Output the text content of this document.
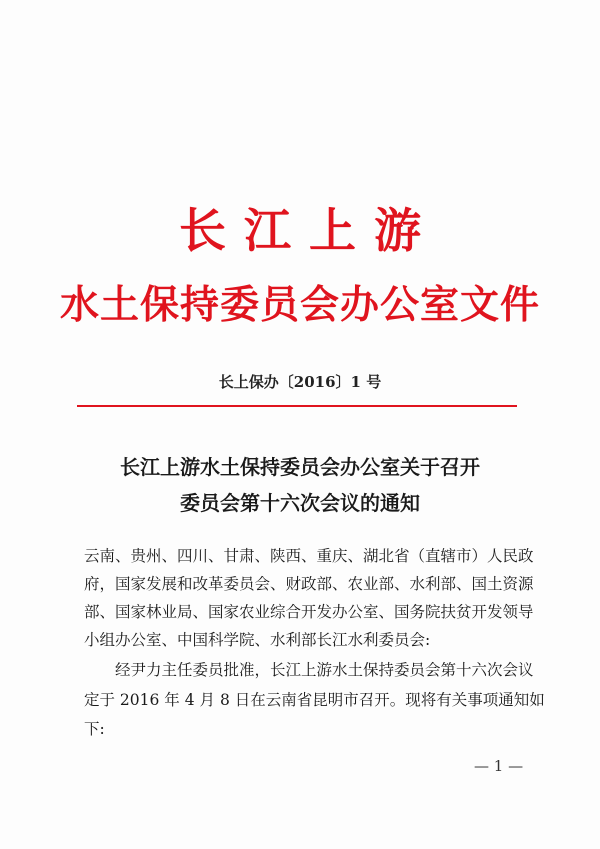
长江上游
水土保持委员会办公室文件
长上保办〔2016〕1 号
长江上游水土保持委员会办公室关于召开
委员会第十六次会议的通知
云南、贵州、四川、甘肃、陕西、重庆、湖北省（直辖市）人民政
府，国家发展和改革委员会、财政部、农业部、水利部、国土资源
部、国家林业局、国家农业综合开发办公室、国务院扶贫开发领导
小组办公室、中国科学院、水利部长江水利委员会:
经尹力主任委员批准，长江上游水土保持委员会第十六次会议
定于 2016 年 4 月 8 日在云南省昆明市召开。现将有关事项通知如
下:
— 1 —
